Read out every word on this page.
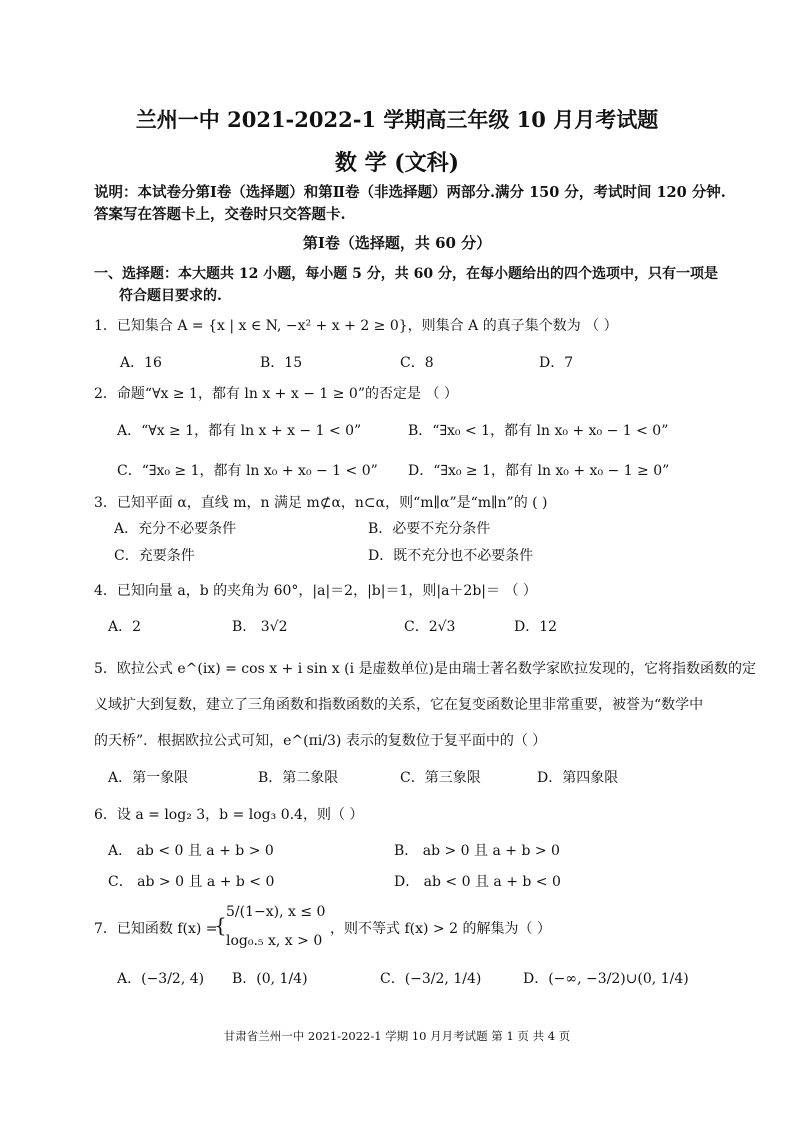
兰州一中 2021-2022-1 学期高三年级 10 月月考试题
数 学 (文科)
说明：本试卷分第Ⅰ卷（选择题）和第Ⅱ卷（非选择题）两部分.满分 150 分，考试时间 120 分钟.
答案写在答题卡上，交卷时只交答题卡.
第Ⅰ卷（选择题，共 60 分）
一、选择题：本大题共 12 小题，每小题 5 分，共 60 分，在每小题给出的四个选项中，只有一项是
符合题目要求的.
1．已知集合 A = {x | x ∈ N, −x² + x + 2 ≥ 0}，则集合 A 的真子集个数为 （ ）
A．16	B．15	C．8	D．7
2．命题“∀x ≥ 1，都有 ln x + x − 1 ≥ 0”的否定是 （ ）
A．“∀x ≥ 1，都有 ln x + x − 1 < 0”	B．“∃x₀ < 1，都有 ln x₀ + x₀ − 1 < 0”
C．“∃x₀ ≥ 1，都有 ln x₀ + x₀ − 1 < 0” D．“∃x₀ ≥ 1，都有 ln x₀ + x₀ − 1 ≥ 0”
3．已知平面 α，直线 m，n 满足 m⊄α，n⊂α，则“m∥α”是“m∥n”的 ( )
A．充分不必要条件	B．必要不充分条件
C．充要条件	D．既不充分也不必要条件
4．已知向量 a，b 的夹角为 60°，|a|＝2，|b|＝1，则|a＋2b|＝ （ ）
A．2	B． 3√2	C．2√3	D．12
5．欧拉公式 e^(ix) = cos x + i sin x (i 是虚数单位)是由瑞士著名数学家欧拉发现的，它将指数函数的定
义域扩大到复数，建立了三角函数和指数函数的关系，它在复变函数论里非常重要，被誉为“数学中
的天桥”．根据欧拉公式可知，e^(πi/3) 表示的复数位于复平面中的（ ）
A．第一象限	B．第二象限	C．第三象限	D．第四象限
6．设 a = log₂ 3，b = log₃ 0.4，则（ ）
A． ab < 0 且 a + b > 0	B． ab > 0 且 a + b > 0
C． ab > 0 且 a + b < 0	D． ab < 0 且 a + b < 0
7．已知函数 f(x) =
{
5/(1−x), x ≤ 0
log₀.₅ x, x > 0
，则不等式 f(x) > 2 的解集为（ ）
A．(−3/2, 4) B．(0, 1/4)	C．(−3/2, 1/4)	D．(−∞, −3/2)∪(0, 1/4)
甘肃省兰州一中 2021-2022-1 学期 10 月月考试题 第 1 页 共 4 页
